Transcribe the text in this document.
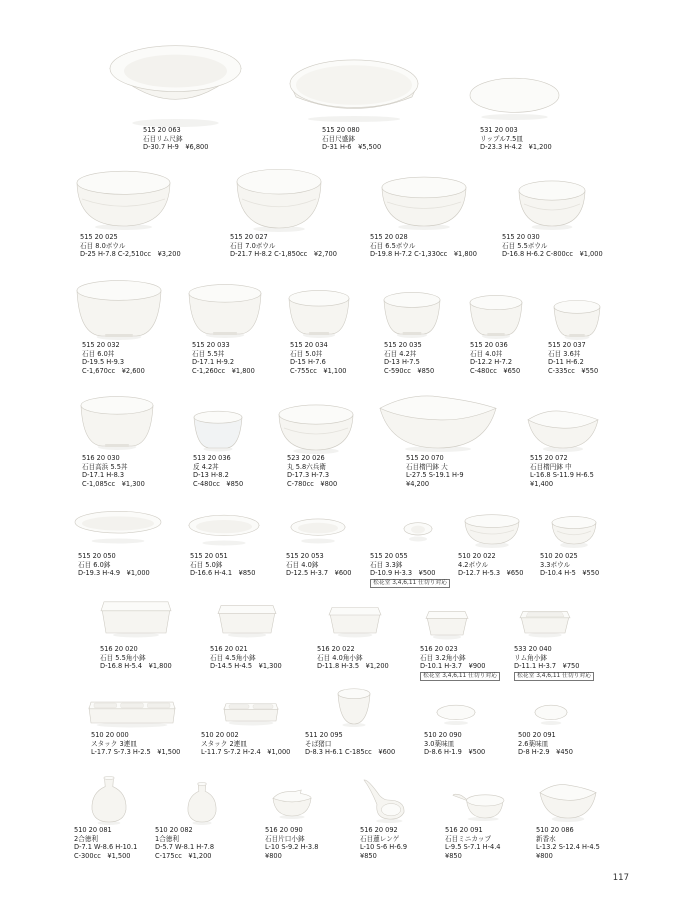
515 20 063
石目リム尺鉢
D-30.7 H-9　¥6,800
515 20 080
石目尺盛鉢
D-31 H-6　¥5,500
531 20 003
リップル7.5皿
D-23.3 H-4.2　¥1,200
515 20 025
石目 8.0ボウル
D-25 H-7.8 C-2,510cc　¥3,200
515 20 027
石目 7.0ボウル
D-21.7 H-8.2 C-1,850cc　¥2,700
515 20 028
石目 6.5ボウル
D-19.8 H-7.2 C-1,330cc　¥1,800
515 20 030
石目 5.5ボウル
D-16.8 H-6.2 C-800cc　¥1,000
515 20 032
石目 6.0丼
D-19.5 H-9.3
C-1,670cc　¥2,600
515 20 033
石目 5.5丼
D-17.1 H-9.2
C-1,260cc　¥1,800
515 20 034
石目 5.0丼
D-15 H-7.6
C-755cc　¥1,100
515 20 035
石目 4.2丼
D-13 H-7.5
C-590cc　¥850
515 20 036
石目 4.0丼
D-12.2 H-7.2
C-480cc　¥650
515 20 037
石目 3.6丼
D-11 H-6.2
C-335cc　¥550
516 20 030
石目高浜 5.5丼
D-17.1 H-8.3
C-1,085cc　¥1,300
513 20 036
反 4.2丼
D-13 H-8.2
C-480cc　¥850
523 20 026
丸 5.8六兵衛
D-17.3 H-7.3
C-780cc　¥800
515 20 070
石目楕円鉢 大
L-27.5 S-19.1 H-9
¥4,200
515 20 072
石目楕円鉢 中
L-16.8 S-11.9 H-6.5
¥1,400
515 20 050
石目 6.0鉢
D-19.3 H-4.9　¥1,000
515 20 051
石目 5.0鉢
D-16.6 H-4.1　¥850
515 20 053
石目 4.0鉢
D-12.5 H-3.7　¥600
515 20 055
石目 3.3鉢
D-10.9 H-3.3　¥500
松花堂 3,4,6,11 仕切り対応
510 20 022
4.2ボウル
D-12.7 H-5.3　¥650
510 20 025
3.3ボウル
D-10.4 H-5　¥550
516 20 020
石目 5.5角小鉢
D-16.8 H-5.4　¥1,800
516 20 021
石目 4.5角小鉢
D-14.5 H-4.5　¥1,300
516 20 022
石目 4.0角小鉢
D-11.8 H-3.5　¥1,200
516 20 023
石目 3.2角小鉢
D-10.1 H-3.7　¥900
松花堂 3,4,6,11 仕切り対応
533 20 040
リム角小鉢
D-11.1 H-3.7　¥750
松花堂 3,4,6,11 仕切り対応
510 20 000
スタック 3連皿
L-17.7 S-7.3 H-2.5　¥1,500
510 20 002
スタック 2連皿
L-11.7 S-7.2 H-2.4　¥1,000
511 20 095
そば猪口
D-8.3 H-6.1 C-185cc　¥600
510 20 090
3.0薬味皿
D-8.6 H-1.9　¥500
500 20 091
2.6薬味皿
D-8 H-2.9　¥450
510 20 081
2合徳利
D-7.1 W-8.6 H-10.1
C-300cc　¥1,500
510 20 082
1合徳利
D-5.7 W-8.1 H-7.8
C-175cc　¥1,200
516 20 090
石目片口小鉢
L-10 S-9.2 H-3.8
¥800
516 20 092
石目蓮レンゲ
L-10 S-6 H-6.9
¥850
516 20 091
石目ミニカップ
L-9.5 S-7.1 H-4.4
¥850
510 20 086
新香水
L-13.2 S-12.4 H-4.5
¥800
117
